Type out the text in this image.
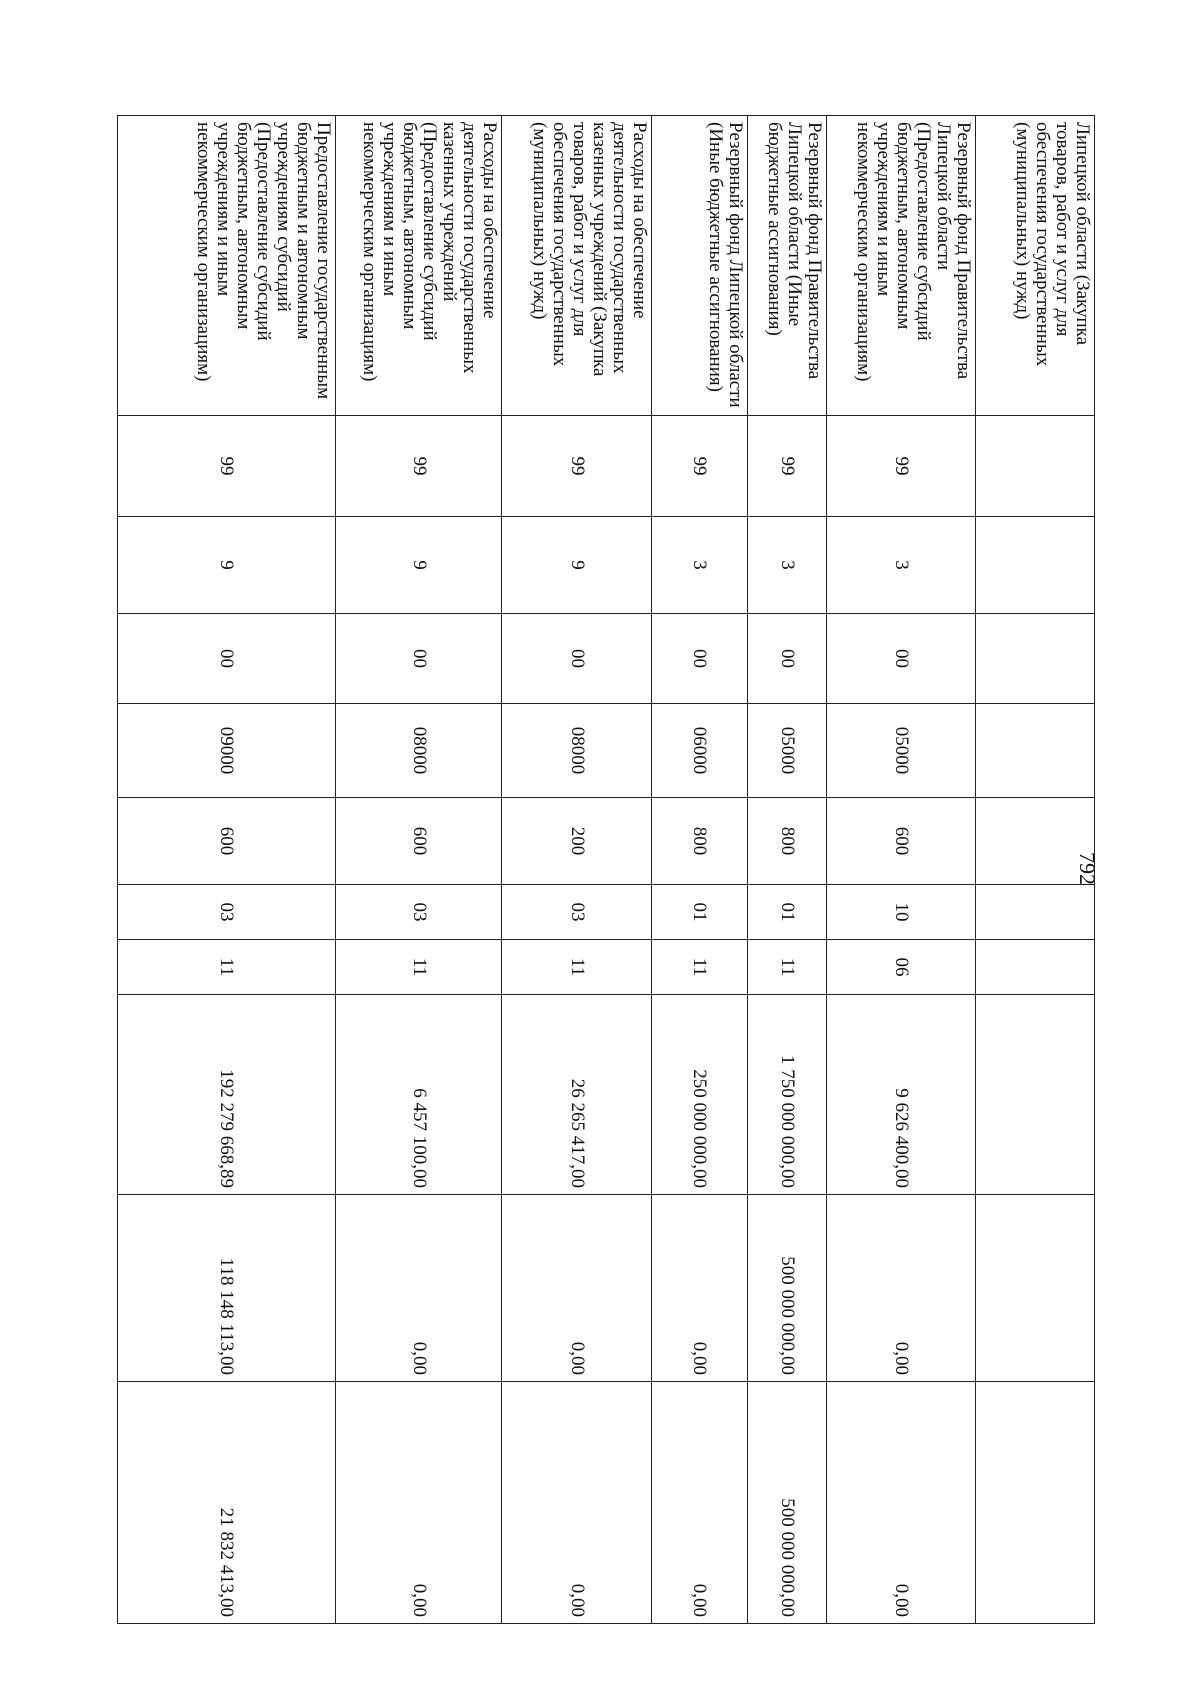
792
Липецкой области (Закупка товаров, работ и услуг для обеспечения государственных (муниципальных) нужд)										
Резервный фонд Правительства Липецкой области (Предоставление субсидий бюджетным, автономным учреждениям и иным некоммерческим организациям)	99	3	00	05000	600	10	06	9 626 400,00	0,00	0,00
Резервный фонд Правительства Липецкой области (Иные бюджетные ассигнования)	99	3	00	05000	800	01	11	1 750 000 000,00	500 000 000,00	500 000 000,00
Резервный фонд Липецкой области (Иные бюджетные ассигнования)	99	3	00	06000	800	01	11	250 000 000,00	0,00	0,00
Расходы на обеспечение деятельности государственных казенных учреждений (Закупка товаров, работ и услуг для обеспечения государственных (муниципальных) нужд)	99	9	00	08000	200	03	11	26 265 417,00	0,00	0,00
Расходы на обеспечение деятельности государственных казенных учреждений (Предоставление субсидий бюджетным, автономным учреждениям и иным некоммерческим организациям)	99	9	00	08000	600	03	11	6 457 100,00	0,00	0,00
Предоставление государственным бюджетным и автономным учреждениям субсидий (Предоставление субсидий бюджетным, автономным учреждениям и иным некоммерческим организациям)	99	9	00	09000	600	03	11	192 279 668,89	118 148 113,00	21 832 413,00
